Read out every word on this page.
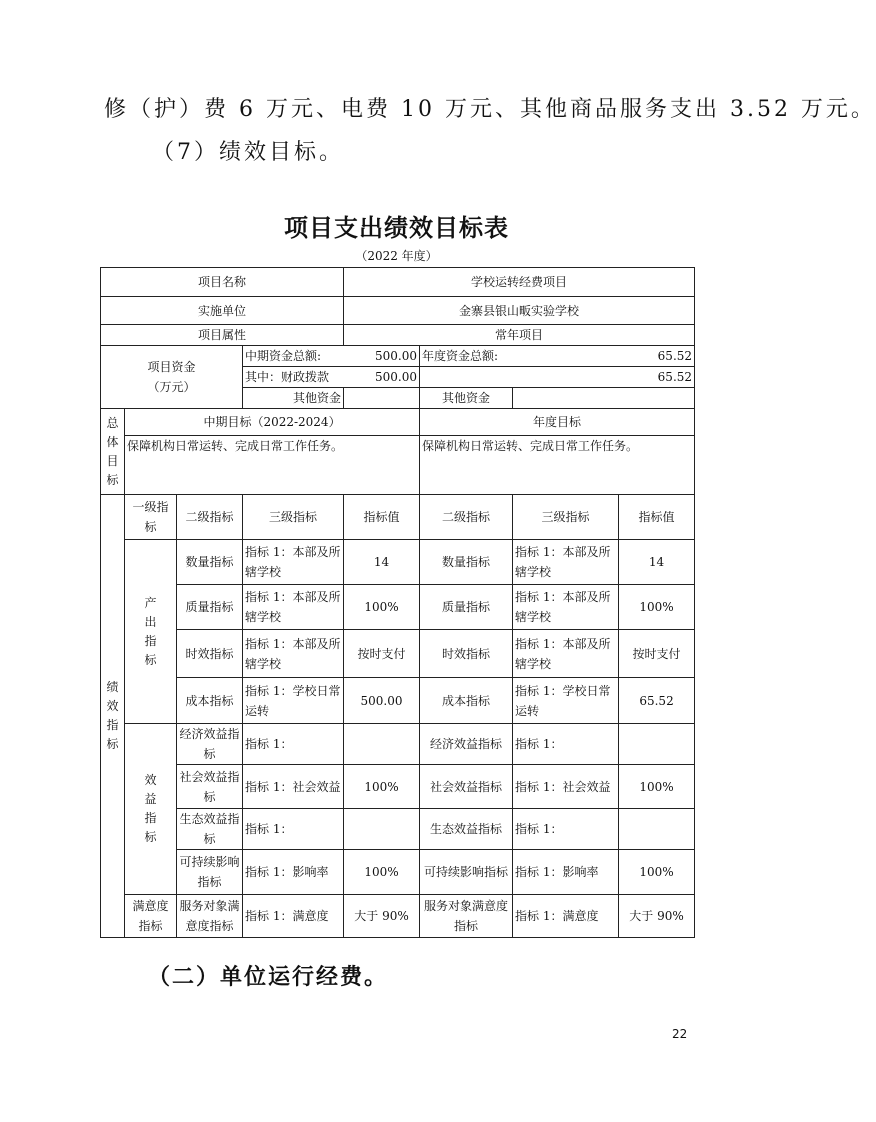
修（护）费 6 万元、电费 10 万元、其他商品服务支出 3.52 万元。
（7）绩效目标。
项目支出绩效目标表
（2022 年度）
项目名称				学校运转经费项目			
实施单位				金寨县银山畈实验学校			
项目属性				常年项目			
项目资金
（万元）			中期资金总额:	500.00	年度资金总额:	65.52	
			其中：财政拨款	500.00	65.52		
			其他资金		其他资金		
总体目标	中期目标（2022-2024）				年度目标		
	保障机构日常运转、完成日常工作任务。				保障机构日常运转、完成日常工作任务。		
绩效指标	一级指标	二级指标	三级指标	指标值	二级指标	三级指标	指标值
	产出指标	数量指标	指标 1：本部及所辖学校	14	数量指标	指标 1：本部及所辖学校	14
		质量指标	指标 1：本部及所辖学校	100%	质量指标	指标 1：本部及所辖学校	100%
		时效指标	指标 1：本部及所辖学校	按时支付	时效指标	指标 1：本部及所辖学校	按时支付
		成本指标	指标 1：学校日常运转	500.00	成本指标	指标 1：学校日常运转	65.52
	效益指标	经济效益指标	指标 1：		经济效益指标	指标 1：	
		社会效益指标	指标 1：社会效益	100%	社会效益指标	指标 1：社会效益	100%
		生态效益指标	指标 1：		生态效益指标	指标 1：	
		可持续影响指标	指标 1：影响率	100%	可持续影响指标	指标 1：影响率	100%
	满意度指标	服务对象满意度指标	指标 1：满意度	大于 90%	服务对象满意度指标	指标 1：满意度	大于 90%
（二）单位运行经费。
22
